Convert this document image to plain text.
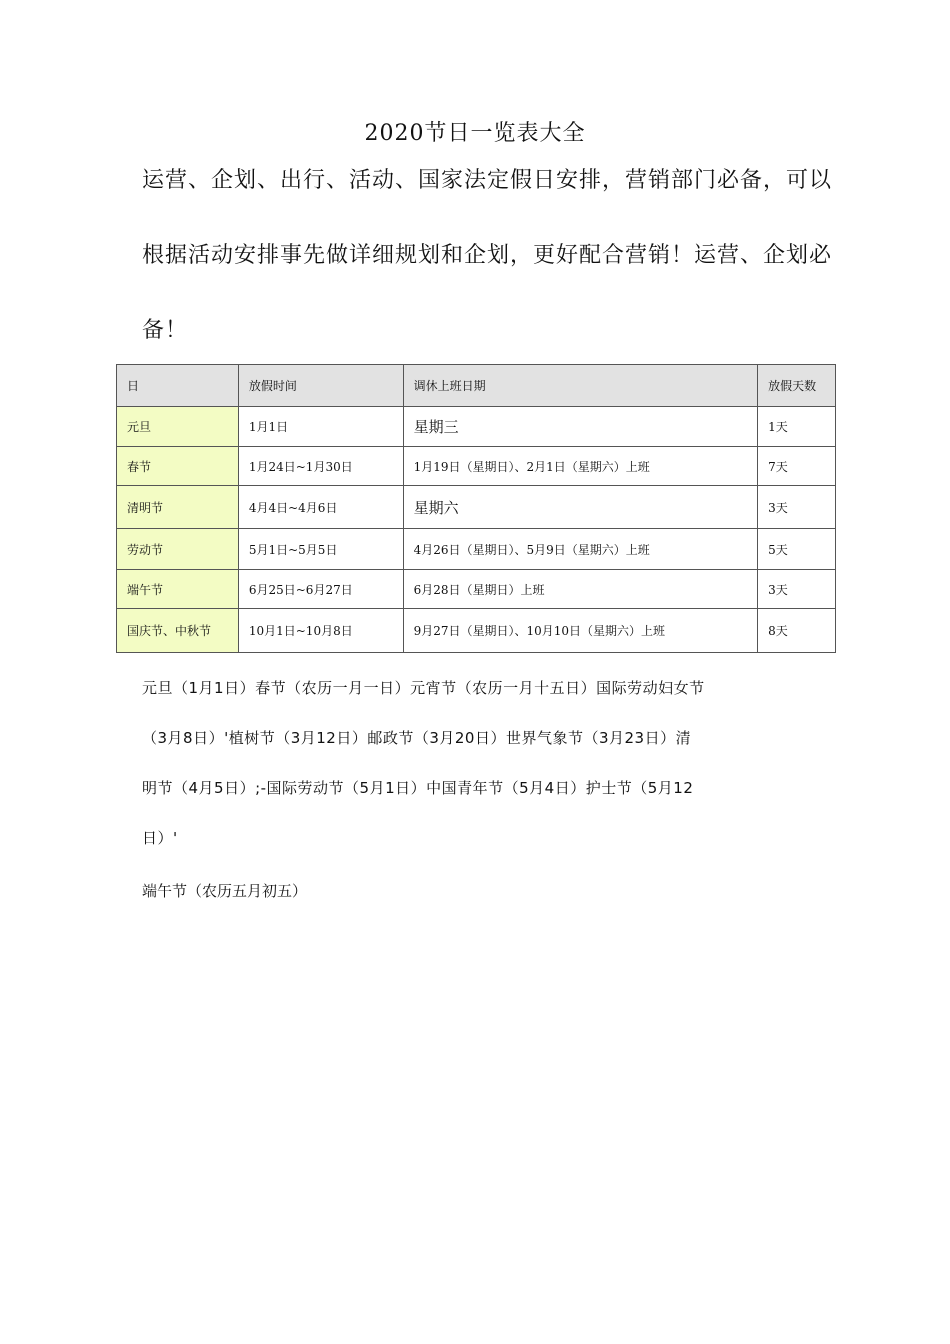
2020节日一览表大全
运营、企划、出行、活动、国家法定假日安排，营销部门必备，可以
根据活动安排事先做详细规划和企划，更好配合营销！运营、企划必
备！
日	放假时间	调休上班日期	放假天数
元旦	1月1日	星期三	1天
春节	1月24日~1月30日	1月19日（星期日）、2月1日（星期六）上班	7天
清明节	4月4日~4月6日	星期六	3天
劳动节	5月1日~5月5日	4月26日（星期日）、5月9日（星期六）上班	5天
端午节	6月25日~6月27日	6月28日（星期日）上班	3天
国庆节、中秋节	10月1日~10月8日	9月27日（星期日）、10月10日（星期六）上班	8天
元旦（1月1日）春节（农历一月一日）元宵节（农历一月十五日）国际劳动妇女节
（3月8日）'植树节（3月12日）邮政节（3月20日）世界气象节（3月23日）清
明节（4月5日）;-国际劳动节（5月1日）中国青年节（5月4日）护士节（5月12
日）'
端午节（农历五月初五）
